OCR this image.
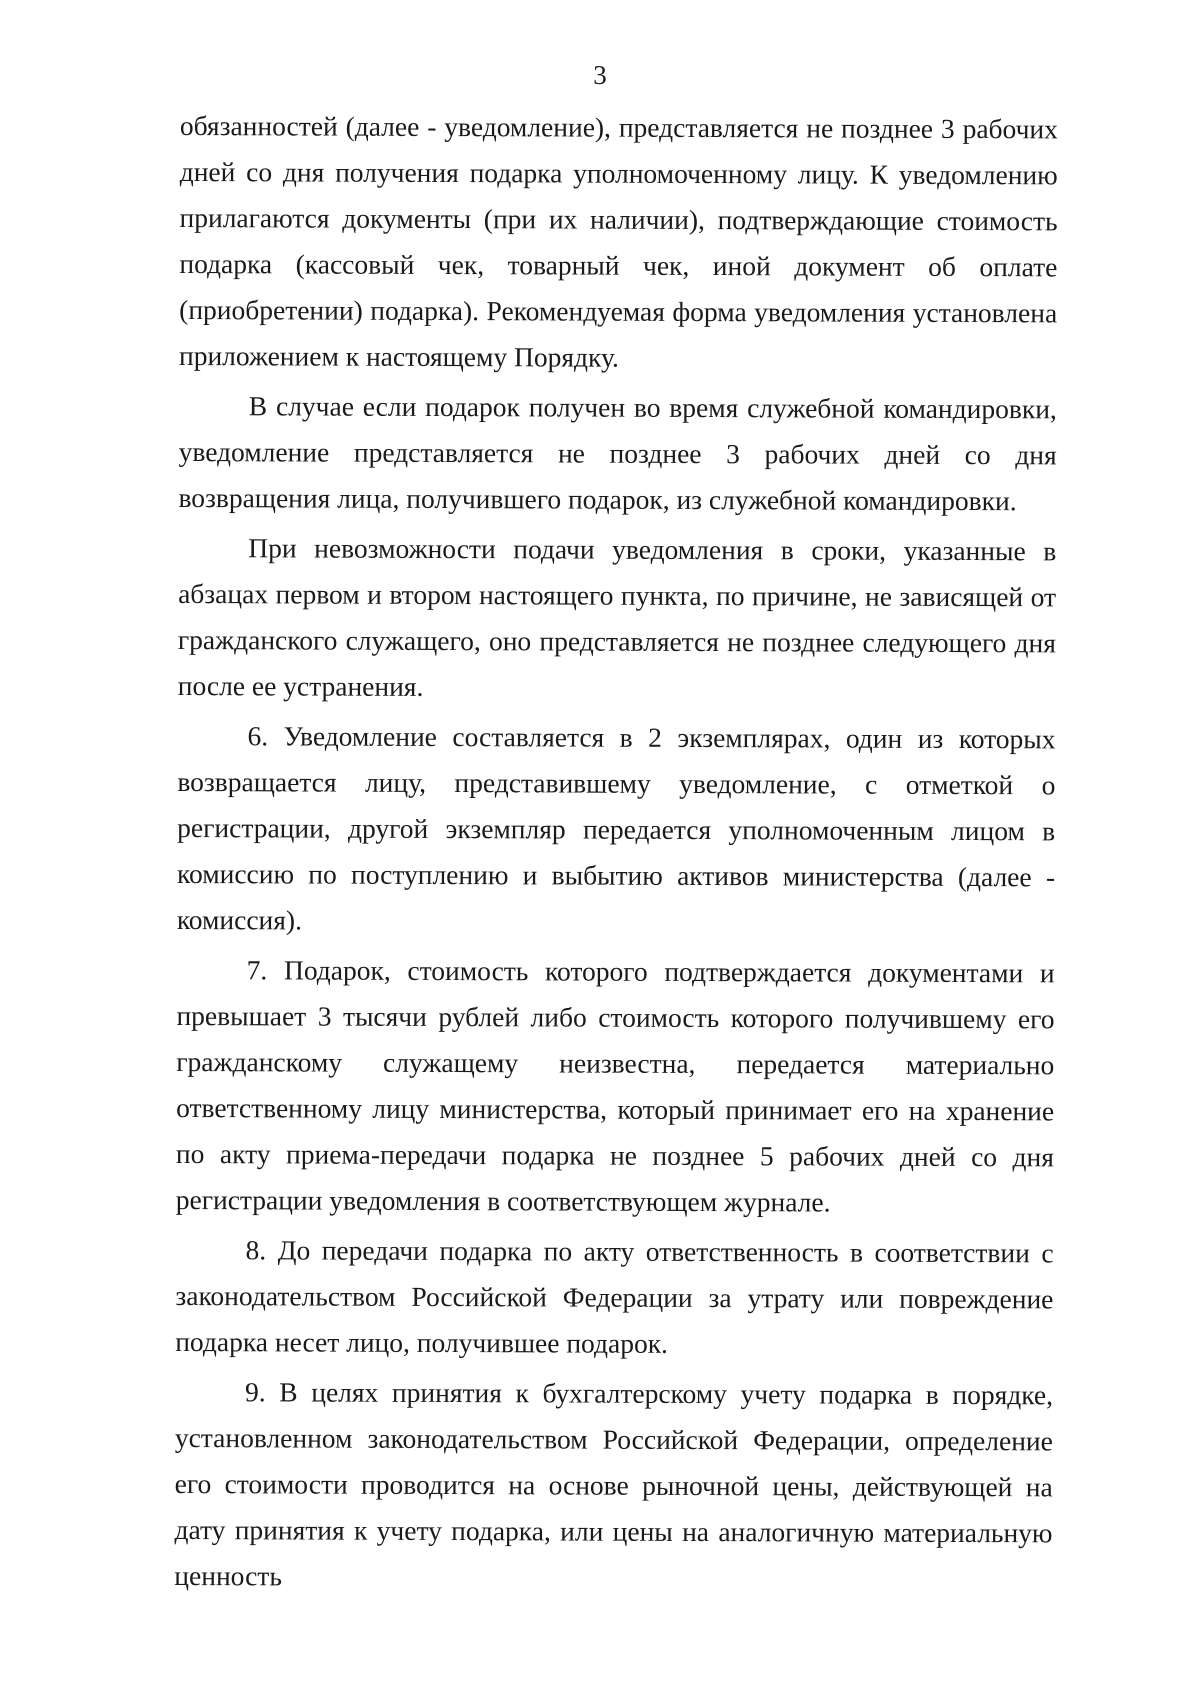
3

обязанностей (далее - уведомление), представляется не позднее 3 рабочих дней со дня получения подарка уполномоченному лицу. К уведомлению прилагаются документы (при их наличии), подтверждающие стоимость подарка (кассовый чек, товарный чек, иной документ об оплате (приобретении) подарка). Рекомендуемая форма уведомления установлена приложением к настоящему Порядку.

В случае если подарок получен во время служебной командировки, уведомление представляется не позднее 3 рабочих дней со дня возвращения лица, получившего подарок, из служебной командировки.

При невозможности подачи уведомления в сроки, указанные в абзацах первом и втором настоящего пункта, по причине, не зависящей от гражданского служащего, оно представляется не позднее следующего дня после ее устранения.

6. Уведомление составляется в 2 экземплярах, один из которых возвращается лицу, представившему уведомление, с отметкой о регистрации, другой экземпляр передается уполномоченным лицом в комиссию по поступлению и выбытию активов министерства (далее - комиссия).

7. Подарок, стоимость которого подтверждается документами и превышает 3 тысячи рублей либо стоимость которого получившему его гражданскому служащему неизвестна, передается материально ответственному лицу министерства, который принимает его на хранение по акту приема-передачи подарка не позднее 5 рабочих дней со дня регистрации уведомления в соответствующем журнале.

8. До передачи подарка по акту ответственность в соответствии с законодательством Российской Федерации за утрату или повреждение подарка несет лицо, получившее подарок.

9. В целях принятия к бухгалтерскому учету подарка в порядке, установленном законодательством Российской Федерации, определение его стоимости проводится на основе рыночной цены, действующей на дату принятия к учету подарка, или цены на аналогичную материальную ценность
